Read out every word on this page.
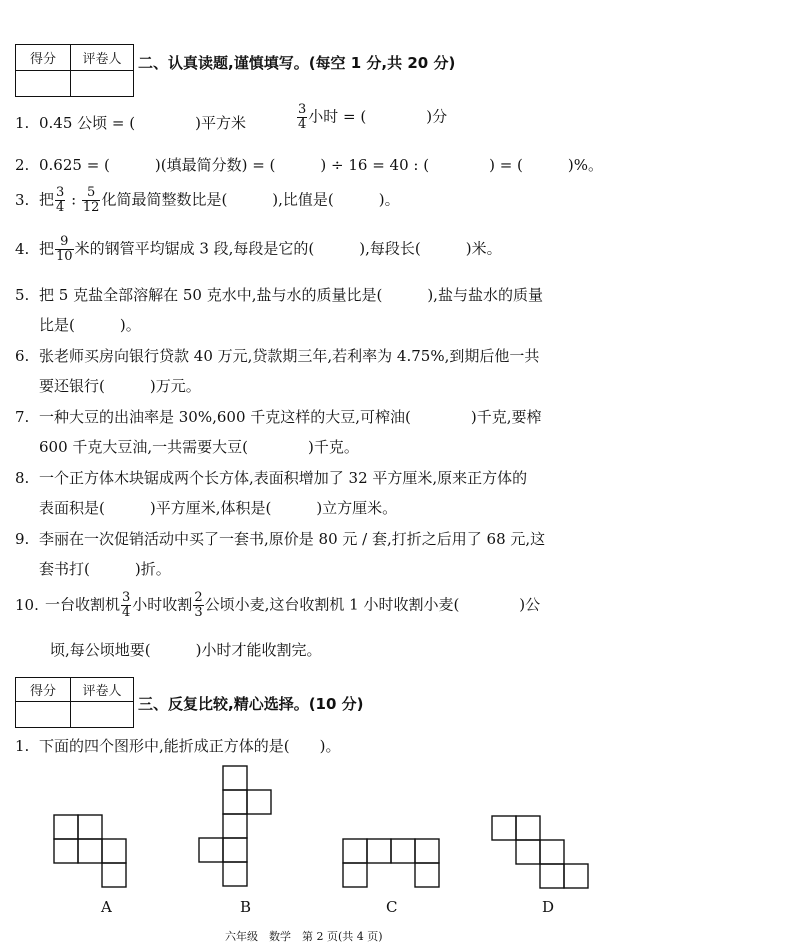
得分	评卷人
	二、认真读题,谨慎填写。(每空 1 分,共 20 分)
1. 0.45 公顷 = (　　　　)平方米	$\frac{3}{4}$ 小时 = (　　　　)分
2. 0.625 = (　　　)(填最简分数) = (　　　) ÷ 16 = 40 : (　　　　) = (　　　)%。
3. 把 $\frac{3}{4}$ : $\frac{5}{12}$ 化简最简整数比是(　　　),比值是(　　　)。
4. 把 $\frac{9}{10}$ 米的钢管平均锯成 3 段,每段是它的(　　　),每段长(　　　)米。
5. 把 5 克盐全部溶解在 50 克水中,盐与水的质量比是(　　　),盐与盐水的质量
比是(　　　)。
6. 张老师买房向银行贷款 40 万元,贷款期三年,若利率为 4.75%,到期后他一共
要还银行(　　　)万元。
7. 一种大豆的出油率是 30%,600 千克这样的大豆,可榨油(　　　　)千克,要榨
600 千克大豆油,一共需要大豆(　　　　)千克。
8. 一个正方体木块锯成两个长方体,表面积增加了 32 平方厘米,原来正方体的
表面积是(　　　)平方厘米,体积是(　　　)立方厘米。
9. 李丽在一次促销活动中买了一套书,原价是 80 元 / 套,打折之后用了 68 元,这
套书打(　　　)折。
10. 一台收割机 $\frac{3}{4}$ 小时收割 $\frac{2}{3}$ 公顷小麦,这台收割机 1 小时收割小麦(　　　　)公
顷,每公顷地要(　　　)小时才能收割完。
得分	评卷人

三、反复比较,精心选择。(10 分)
1. 下面的四个图形中,能折成正方体的是(　　)。
A	B	C	D
六年级　数学　第 2 页(共 4 页)
